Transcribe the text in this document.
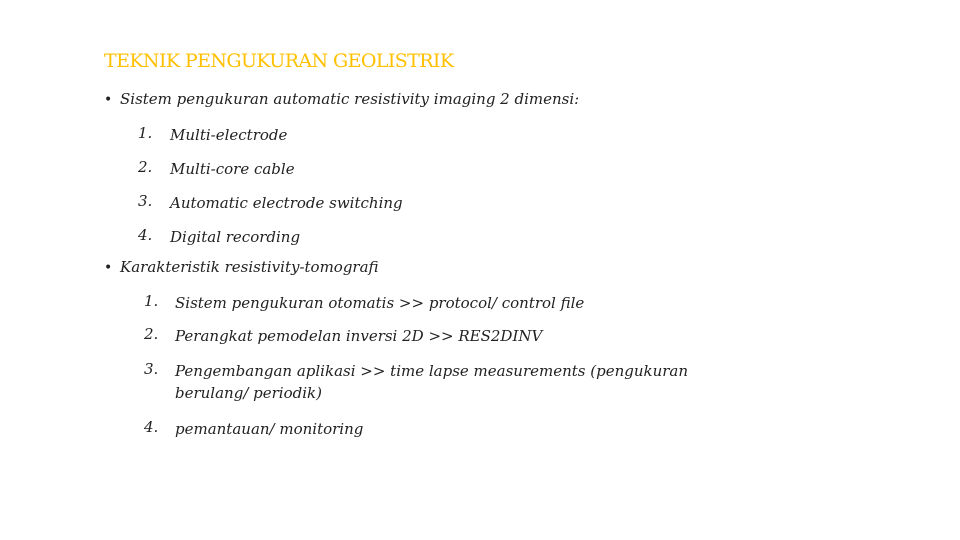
TEKNIK PENGUKURAN GEOLISTRIK
• Sistem pengukuran automatic resistivity imaging 2 dimensi:
1. Multi-electrode
2. Multi-core cable
3. Automatic electrode switching
4. Digital recording
• Karakteristik resistivity-tomografi
1. Sistem pengukuran otomatis >> protocol/ control file
2. Perangkat pemodelan inversi 2D >> RES2DINV
3. Pengembangan aplikasi >> time lapse measurements (pengukuran berulang/ periodik)
4. pemantauan/ monitoring
